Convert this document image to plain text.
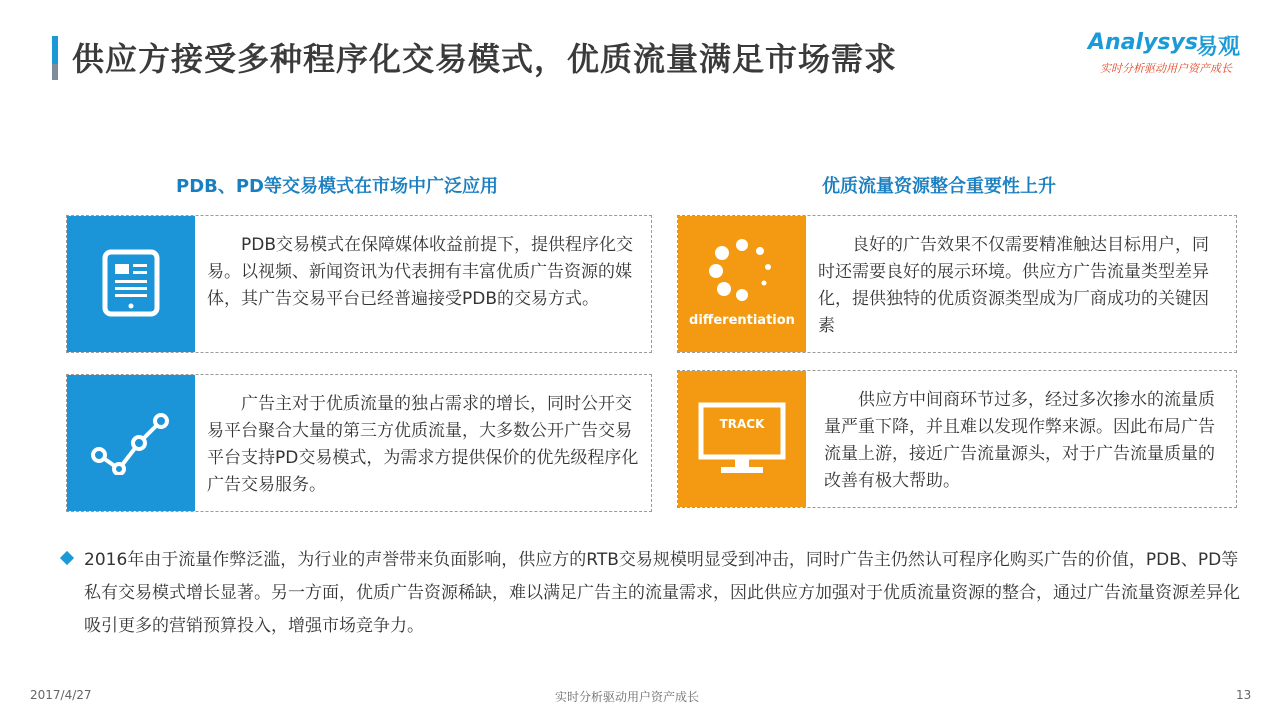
供应方接受多种程序化交易模式，优质流量满足市场需求	Analysys
易观
实时分析驱动用户资产成长
PDB、PD等交易模式在市场中广泛应用
　　PDB交易模式在保障媒体收益前提下，提供程序化交易。以视频、新闻资讯为代表拥有丰富优质广告资源的媒体，其广告交易平台已经普遍接受PDB的交易方式。
　　广告主对于优质流量的独占需求的增长，同时公开交易平台聚合大量的第三方优质流量，大多数公开广告交易平台支持PD交易模式，为需求方提供保价的优先级程序化广告交易服务。
优质流量资源整合重要性上升
differentiation
　　良好的广告效果不仅需要精准触达目标用户，同时还需要良好的展示环境。供应方广告流量类型差异化，提供独特的优质资源类型成为厂商成功的关键因素
TRACK
　　供应方中间商环节过多，经过多次掺水的流量质量严重下降，并且难以发现作弊来源。因此布局广告流量上游，接近广告流量源头，对于广告流量质量的改善有极大帮助。
2016年由于流量作弊泛滥，为行业的声誉带来负面影响，供应方的RTB交易规模明显受到冲击，同时广告主仍然认可程序化购买广告的价值，PDB、PD等私有交易模式增长显著。另一方面，优质广告资源稀缺，难以满足广告主的流量需求，因此供应方加强对于优质流量资源的整合，通过广告流量资源差异化吸引更多的营销预算投入，增强市场竞争力。
2017/4/27	实时分析驱动用户资产成长	13
